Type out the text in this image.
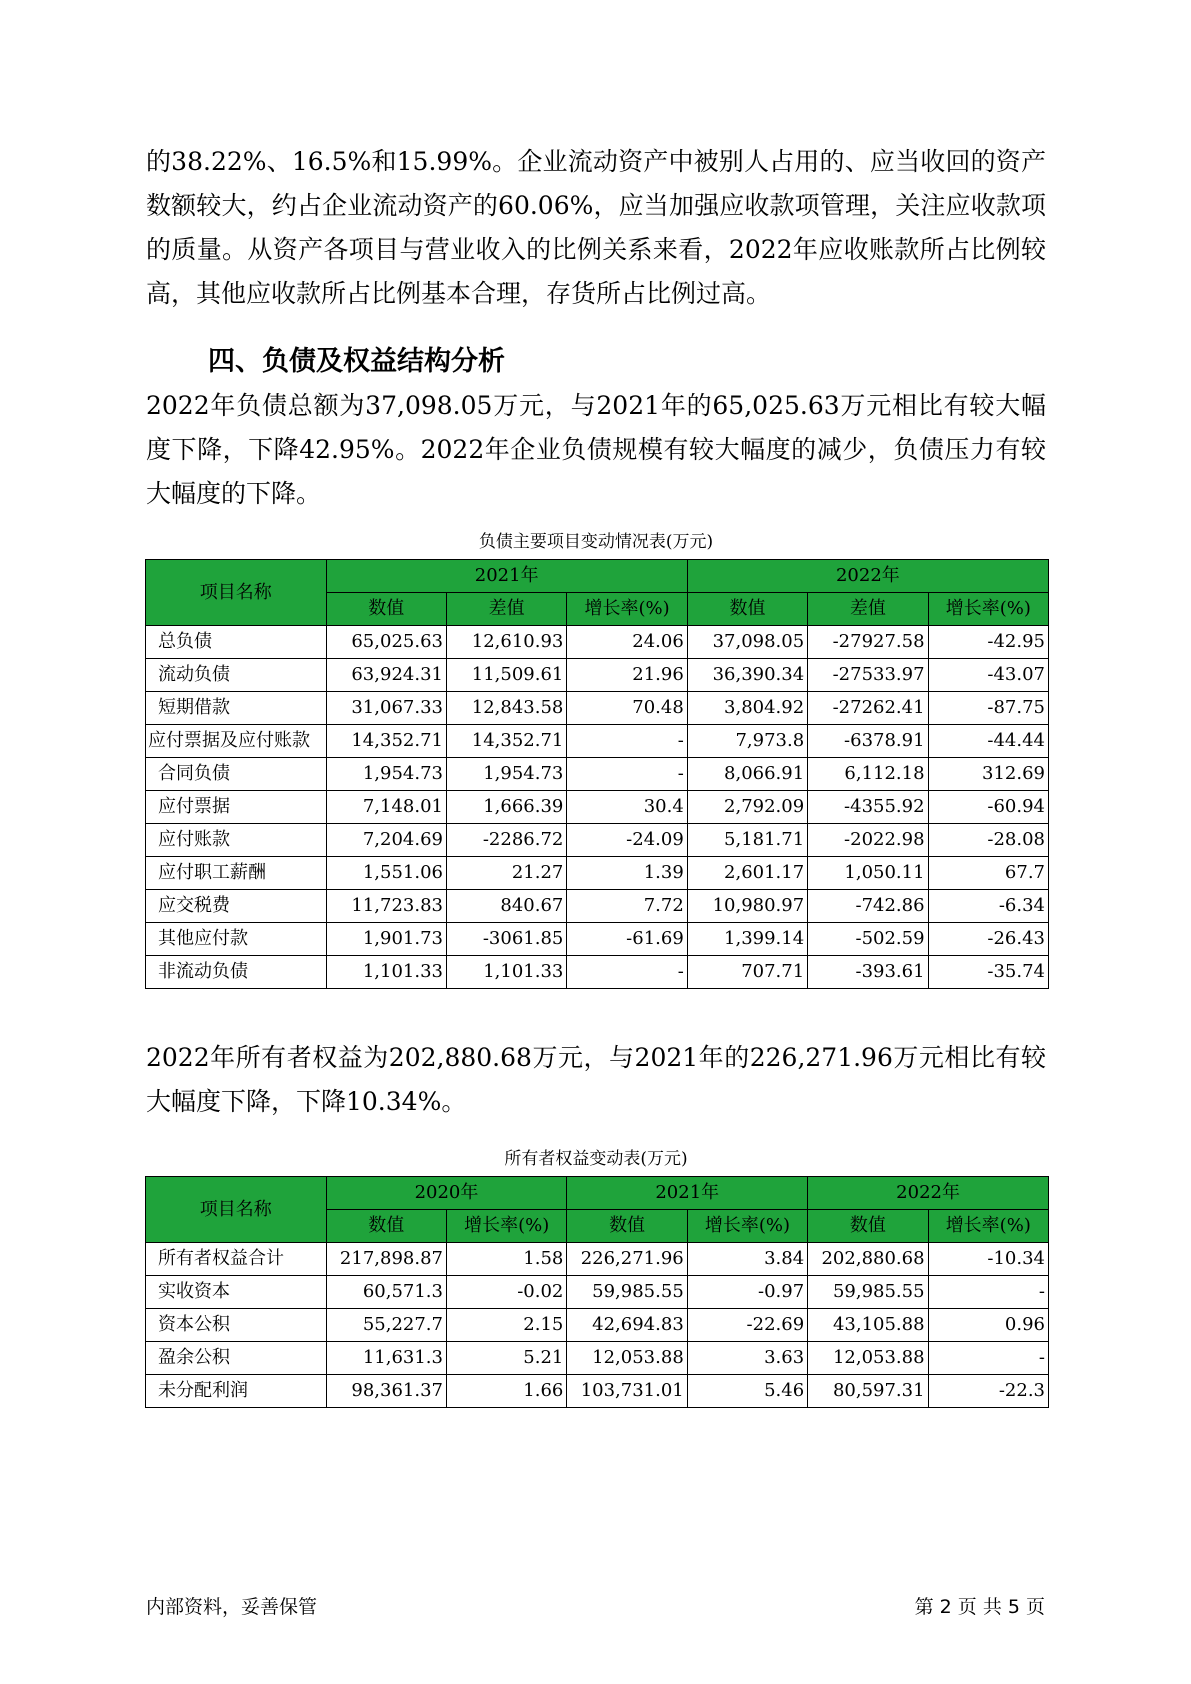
的38.22%、16.5%和15.99%。企业流动资产中被别人占用的、应当收回的资产数额较大，约占企业流动资产的60.06%，应当加强应收款项管理，关注应收款项的质量。从资产各项目与营业收入的比例关系来看，2022年应收账款所占比例较高，其他应收款所占比例基本合理，存货所占比例过高。
四、负债及权益结构分析
2022年负债总额为37,098.05万元，与2021年的65,025.63万元相比有较大幅度下降，下降42.95%。2022年企业负债规模有较大幅度的减少，负债压力有较大幅度的下降。
负债主要项目变动情况表(万元)
项目名称	2021年			2022年		
	数值	差值	增长率(%)	数值	差值	增长率(%)
总负债	65,025.63	12,610.93	24.06	37,098.05	-27927.58	-42.95
流动负债	63,924.31	11,509.61	21.96	36,390.34	-27533.97	-43.07
短期借款	31,067.33	12,843.58	70.48	3,804.92	-27262.41	-87.75
应付票据及应付账款	14,352.71	14,352.71	-	7,973.8	-6378.91	-44.44
合同负债	1,954.73	1,954.73	-	8,066.91	6,112.18	312.69
应付票据	7,148.01	1,666.39	30.4	2,792.09	-4355.92	-60.94
应付账款	7,204.69	-2286.72	-24.09	5,181.71	-2022.98	-28.08
应付职工薪酬	1,551.06	21.27	1.39	2,601.17	1,050.11	67.7
应交税费	11,723.83	840.67	7.72	10,980.97	-742.86	-6.34
其他应付款	1,901.73	-3061.85	-61.69	1,399.14	-502.59	-26.43
非流动负债	1,101.33	1,101.33	-	707.71	-393.61	-35.74
2022年所有者权益为202,880.68万元，与2021年的226,271.96万元相比有较大幅度下降，下降10.34%。
所有者权益变动表(万元)
项目名称	2020年		2021年		2022年	
	数值	增长率(%)	数值	增长率(%)	数值	增长率(%)
所有者权益合计	217,898.87	1.58	226,271.96	3.84	202,880.68	-10.34
实收资本	60,571.3	-0.02	59,985.55	-0.97	59,985.55	-
资本公积	55,227.7	2.15	42,694.83	-22.69	43,105.88	0.96
盈余公积	11,631.3	5.21	12,053.88	3.63	12,053.88	-
未分配利润	98,361.37	1.66	103,731.01	5.46	80,597.31	-22.3
内部资料，妥善保管	第 2 页 共 5 页
